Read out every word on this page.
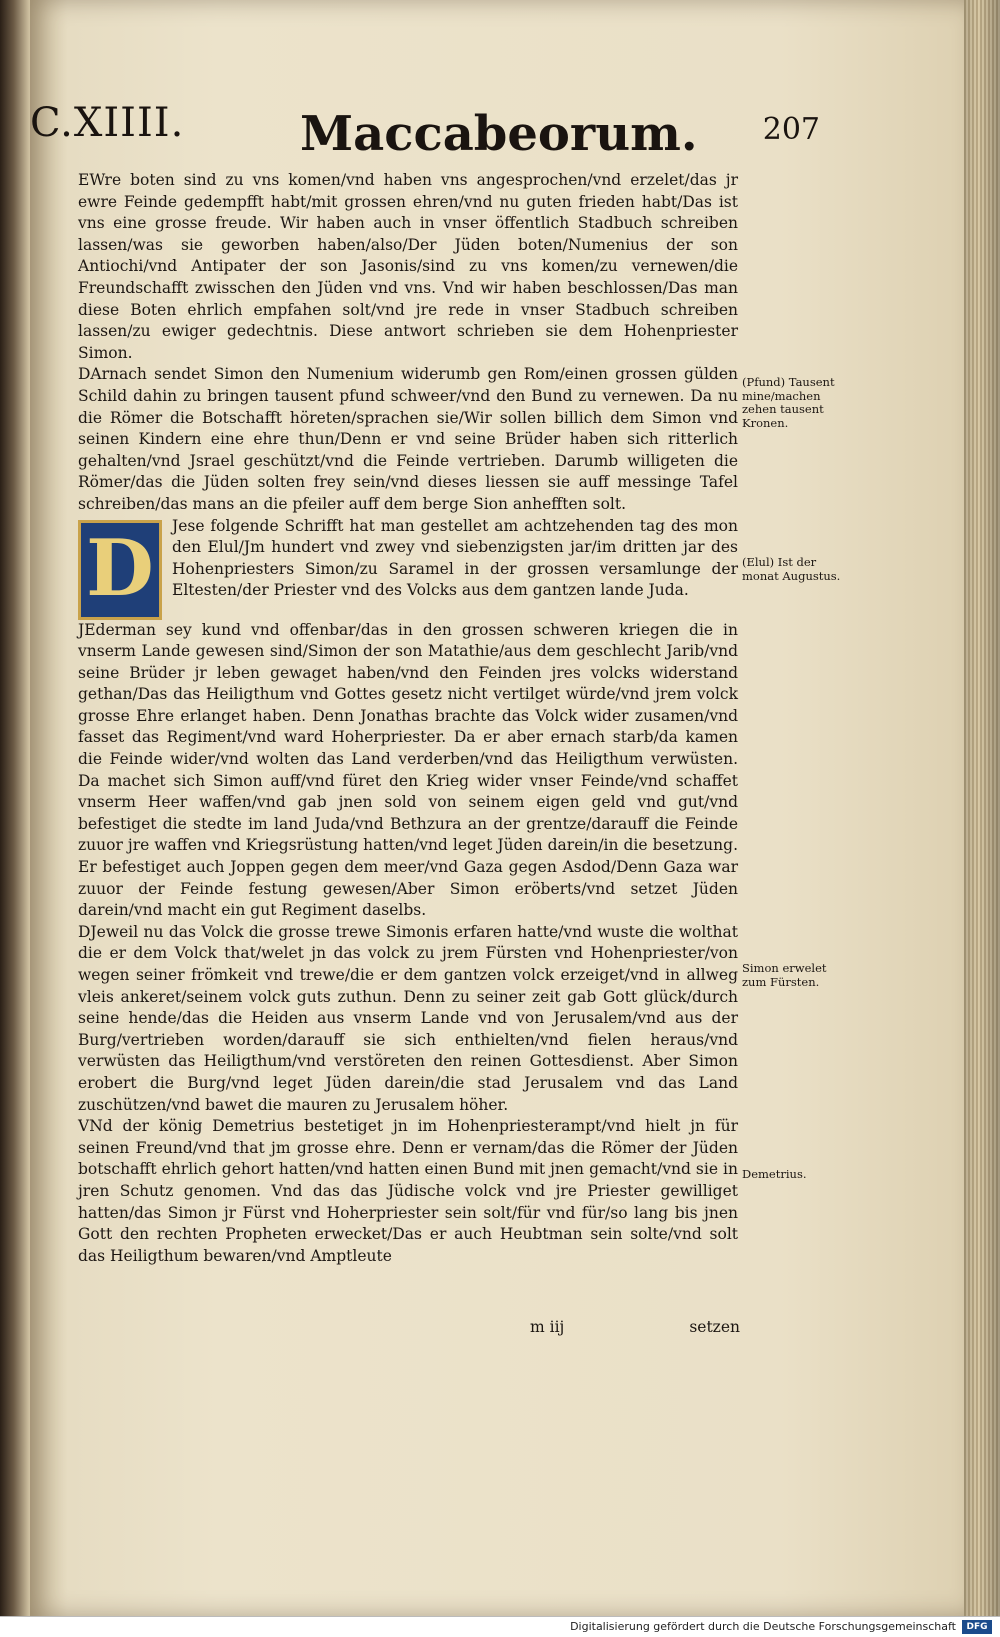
C.XIIII. Maccabeorum. 207

EWre boten sind zu vns komen/vnd haben vns angesprochen/vnd erzelet/das jr ewre Feinde gedempfft habt/mit grossen ehren/vnd nu guten frieden habt/Das ist vns eine grosse freude. Wir haben auch in vnser öffentlich Stadbuch schreiben lassen/was sie geworben haben/also/Der Jüden boten/Numenius der son Antiochi/vnd Antipater der son Jasonis/sind zu vns komen/zu vernewen/die Freundschafft zwisschen den Jüden vnd vns. Vnd wir haben beschlossen/Das man diese Boten ehrlich empfahen solt/vnd jre rede in vnser Stadbuch schreiben lassen/zu ewiger gedechtnis. Diese antwort schrieben sie dem Hohenpriester Simon.

DArnach sendet Simon den Numenium widerumb gen Rom/einen grossen gülden Schild dahin zu bringen tausent pfund schweer/vnd den Bund zu vernewen. Da nu die Römer die Botschafft höreten/sprachen sie/Wir sollen billich dem Simon vnd seinen Kindern eine ehre thun/Denn er vnd seine Brüder haben sich ritterlich gehalten/vnd Jsrael geschützt/vnd die Feinde vertrieben. Darumb willigeten die Römer/das die Jüden solten frey sein/vnd dieses liessen sie auff messinge Tafel schreiben/das mans an die pfeiler auff dem berge Sion anhefften solt.

D	Jese folgende Schrifft hat man gestellet am achtzehenden tag des mon den Elul/Jm hundert vnd zwey vnd siebenzigsten jar/im dritten jar des Hohenpriesters Simon/zu Saramel in der grossen versamlunge der Eltesten/der Priester vnd des Volcks aus dem gantzen lande Juda.

JEderman sey kund vnd offenbar/das in den grossen schweren kriegen die in vnserm Lande gewesen sind/Simon der son Matathie/aus dem geschlecht Jarib/vnd seine Brüder jr leben gewaget haben/vnd den Feinden jres volcks widerstand gethan/Das das Heiligthum vnd Gottes gesetz nicht vertilget würde/vnd jrem volck grosse Ehre erlanget haben. Denn Jonathas brachte das Volck wider zusamen/vnd fasset das Regiment/vnd ward Hoherpriester. Da er aber ernach starb/da kamen die Feinde wider/vnd wolten das Land verderben/vnd das Heiligthum verwüsten. Da machet sich Simon auff/vnd füret den Krieg wider vnser Feinde/vnd schaffet vnserm Heer waffen/vnd gab jnen sold von seinem eigen geld vnd gut/vnd befestiget die stedte im land Juda/vnd Bethzura an der grentze/darauff die Feinde zuuor jre waffen vnd Kriegsrüstung hatten/vnd leget Jüden darein/in die besetzung. Er befestiget auch Joppen gegen dem meer/vnd Gaza gegen Asdod/Denn Gaza war zuuor der Feinde festung gewesen/Aber Simon eröberts/vnd setzet Jüden darein/vnd macht ein gut Regiment daselbs.

DJeweil nu das Volck die grosse trewe Simonis erfaren hatte/vnd wuste die wolthat die er dem Volck that/welet jn das volck zu jrem Fürsten vnd Hohenpriester/von wegen seiner frömkeit vnd trewe/die er dem gantzen volck erzeiget/vnd in allweg vleis ankeret/seinem volck guts zuthun. Denn zu seiner zeit gab Gott glück/durch seine hende/das die Heiden aus vnserm Lande vnd von Jerusalem/vnd aus der Burg/vertrieben worden/darauff sie sich enthielten/vnd fielen heraus/vnd verwüsten das Heiligthum/vnd verstöreten den reinen Gottesdienst. Aber Simon erobert die Burg/vnd leget Jüden darein/die stad Jerusalem vnd das Land zuschützen/vnd bawet die mauren zu Jerusalem höher.

VNd der könig Demetrius bestetiget jn im Hohenpriesterampt/vnd hielt jn für seinen Freund/vnd that jm grosse ehre. Denn er vernam/das die Römer der Jüden botschafft ehrlich gehort hatten/vnd hatten einen Bund mit jnen gemacht/vnd sie in jren Schutz genomen. Vnd das das Jüdische volck vnd jre Priester gewilliget hatten/das Simon jr Fürst vnd Hoherpriester sein solt/für vnd für/so lang bis jnen Gott den rechten Propheten erwecket/Das er auch Heubtman sein solte/vnd solt das Heiligthum bewaren/vnd Amptleute

(Pfund) Tausent mine/machen zehen tausent Kronen.
(Elul) Ist der monat Augustus.
Simon erwelet zum Fürsten.
Demetrius.
m iij	setzen
Digitalisierung gefördert durch die Deutsche Forschungsgemeinschaft	DFG
